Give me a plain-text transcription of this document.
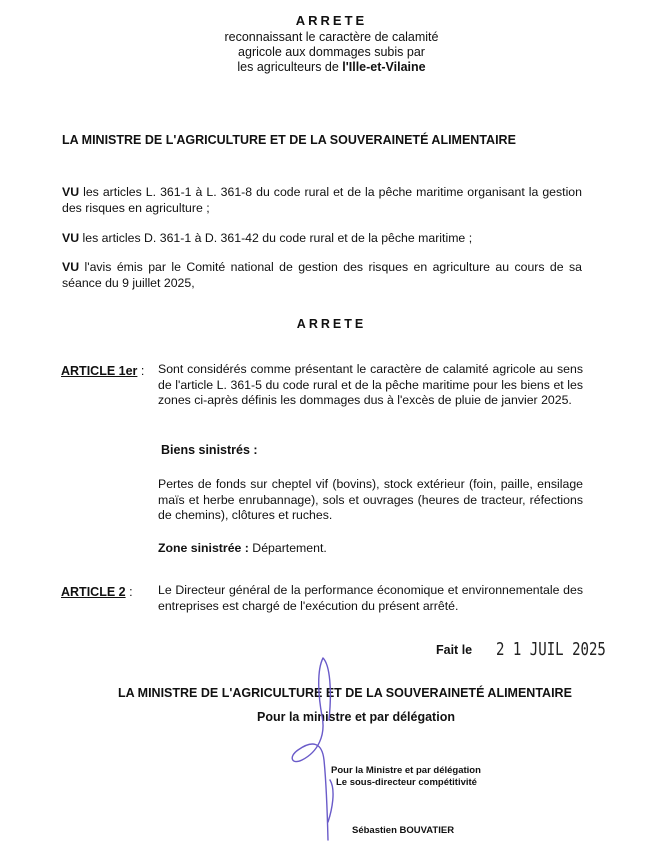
ARRETE
reconnaissant le caractère de calamité
agricole aux dommages subis par
les agriculteurs de l'Ille-et-Vilaine
LA MINISTRE DE L'AGRICULTURE ET DE LA SOUVERAINETÉ ALIMENTAIRE
VU les articles L. 361-1 à L. 361-8 du code rural et de la pêche maritime organisant la gestion des risques en agriculture ;
VU les articles D. 361-1 à D. 361-42 du code rural et de la pêche maritime ;
VU l'avis émis par le Comité national de gestion des risques en agriculture au cours de sa séance du 9 juillet 2025,
ARRETE
ARTICLE 1er : Sont considérés comme présentant le caractère de calamité agricole au sens de l'article L. 361-5 du code rural et de la pêche maritime pour les biens et les zones ci-après définis les dommages dus à l'excès de pluie de janvier 2025.
Biens sinistrés :
Pertes de fonds sur cheptel vif (bovins), stock extérieur (foin, paille, ensilage maïs et herbe enrubannage), sols et ouvrages (heures de tracteur, réfections de chemins), clôtures et ruches.
Zone sinistrée : Département.
ARTICLE 2 : Le Directeur général de la performance économique et environnementale des entreprises est chargé de l'exécution du présent arrêté.
Fait le 2 1 JUIL 2025
LA MINISTRE DE L'AGRICULTURE ET DE LA SOUVERAINETÉ ALIMENTAIRE
Pour la ministre et par délégation
Pour la Ministre et par délégation
Le sous-directeur compétitivité
Sébastien BOUVATIER
